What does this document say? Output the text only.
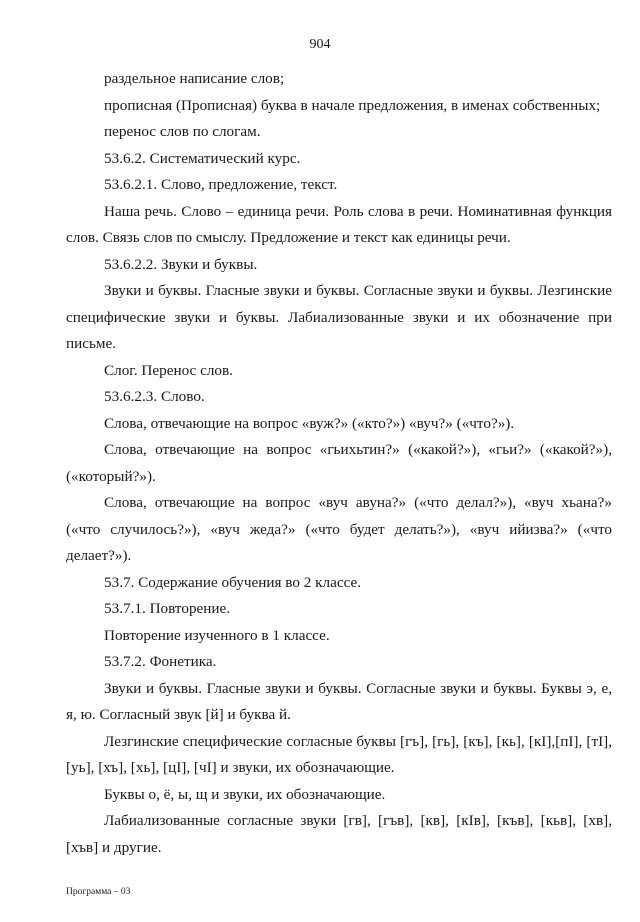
904

раздельное написание слов;

прописная (Прописная) буква в начале предложения, в именах собственных;

перенос слов по слогам.

53.6.2. Систематический курс.

53.6.2.1. Слово, предложение, текст.

Наша речь. Слово – единица речи. Роль слова в речи. Номинативная функция слов. Связь слов по смыслу. Предложение и текст как единицы речи.

53.6.2.2. Звуки и буквы.

Звуки и буквы. Гласные звуки и буквы. Согласные звуки и буквы. Лезгинские специфические звуки и буквы. Лабиализованные звуки и их обозначение при письме.

Слог. Перенос слов.

53.6.2.3. Слово.

Слова, отвечающие на вопрос «вуж?» («кто?») «вуч?» («что?»).

Слова, отвечающие на вопрос «гьихьтин?» («какой?»), «гьи?» («какой?»), («который?»).

Слова, отвечающие на вопрос «вуч авуна?» («что делал?»), «вуч хьана?» («что случилось?»), «вуч жеда?» («что будет делать?»), «вуч ийизва?» («что делает?»).

53.7. Содержание обучения во 2 классе.

53.7.1. Повторение.

Повторение изученного в 1 классе.

53.7.2. Фонетика.

Звуки и буквы. Гласные звуки и буквы. Согласные звуки и буквы. Буквы э, е, я, ю. Согласный звук [й] и буква й.

Лезгинские специфические согласные буквы [гъ], [гь], [къ], [кь], [кI],[пI], [тI], [уь], [хъ], [хь], [цI], [чI] и звуки, их обозначающие.

Буквы о, ё, ы, щ и звуки, их обозначающие.

Лабиализованные согласные звуки [гв], [гъв], [кв], [кIв], [къв], [кьв], [хв], [хъв] и другие.

Программа – 03
